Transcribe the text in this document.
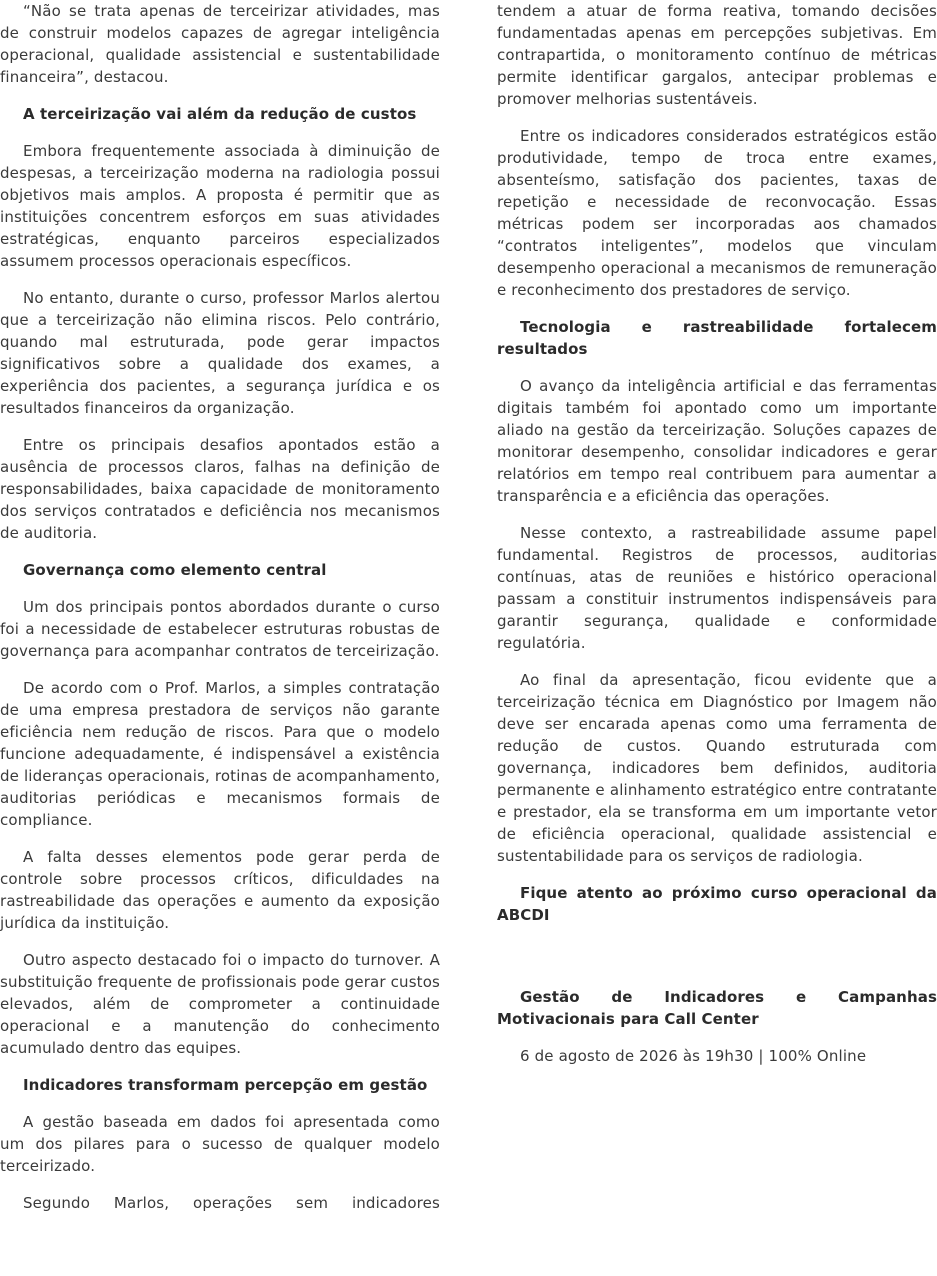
“Não se trata apenas de terceirizar atividades, mas de construir modelos capazes de agregar inteligência operacional, qualidade assistencial e sustentabilidade financeira”, destacou.

A terceirização vai além da redução de custos

Embora frequentemente associada à diminuição de despesas, a terceirização moderna na radiologia possui objetivos mais amplos. A proposta é permitir que as instituições concentrem esforços em suas atividades estratégicas, enquanto parceiros especializados assumem processos operacionais específicos.

No entanto, durante o curso, professor Marlos alertou que a terceirização não elimina riscos. Pelo contrário, quando mal estruturada, pode gerar impactos significativos sobre a qualidade dos exames, a experiência dos pacientes, a segurança jurídica e os resultados financeiros da organização.

Entre os principais desafios apontados estão a ausência de processos claros, falhas na definição de responsabilidades, baixa capacidade de monitoramento dos serviços contratados e deficiência nos mecanismos de auditoria.

Governança como elemento central

Um dos principais pontos abordados durante o curso foi a necessidade de estabelecer estruturas robustas de governança para acompanhar contratos de terceirização.

De acordo com o Prof. Marlos, a simples contratação de uma empresa prestadora de serviços não garante eficiência nem redução de riscos. Para que o modelo funcione adequadamente, é indispensável a existência de lideranças operacionais, rotinas de acompanhamento, auditorias periódicas e mecanismos formais de compliance.

A falta desses elementos pode gerar perda de controle sobre processos críticos, dificuldades na rastreabilidade das operações e aumento da exposição jurídica da instituição.

Outro aspecto destacado foi o impacto do turnover. A substituição frequente de profissionais pode gerar custos elevados, além de comprometer a continuidade operacional e a manutenção do conhecimento acumulado dentro das equipes.

Indicadores transformam percepção em gestão

A gestão baseada em dados foi apresentada como um dos pilares para o sucesso de qualquer modelo terceirizado.

Segundo Marlos, operações sem indicadores

tendem a atuar de forma reativa, tomando decisões fundamentadas apenas em percepções subjetivas. Em contrapartida, o monitoramento contínuo de métricas permite identificar gargalos, antecipar problemas e promover melhorias sustentáveis.

Entre os indicadores considerados estratégicos estão produtividade, tempo de troca entre exames, absenteísmo, satisfação dos pacientes, taxas de repetição e necessidade de reconvocação. Essas métricas podem ser incorporadas aos chamados “contratos inteligentes”, modelos que vinculam desempenho operacional a mecanismos de remuneração e reconhecimento dos prestadores de serviço.

Tecnologia e rastreabilidade fortalecem resultados

O avanço da inteligência artificial e das ferramentas digitais também foi apontado como um importante aliado na gestão da terceirização. Soluções capazes de monitorar desempenho, consolidar indicadores e gerar relatórios em tempo real contribuem para aumentar a transparência e a eficiência das operações.

Nesse contexto, a rastreabilidade assume papel fundamental. Registros de processos, auditorias contínuas, atas de reuniões e histórico operacional passam a constituir instrumentos indispensáveis para garantir segurança, qualidade e conformidade regulatória.

Ao final da apresentação, ficou evidente que a terceirização técnica em Diagnóstico por Imagem não deve ser encarada apenas como uma ferramenta de redução de custos. Quando estruturada com governança, indicadores bem definidos, auditoria permanente e alinhamento estratégico entre contratante e prestador, ela se transforma em um importante vetor de eficiência operacional, qualidade assistencial e sustentabilidade para os serviços de radiologia.

Fique atento ao próximo curso operacional da ABCDI
Gestão de Indicadores e Campanhas Motivacionais para Call Center

6 de agosto de 2026 às 19h30 | 100% Online
